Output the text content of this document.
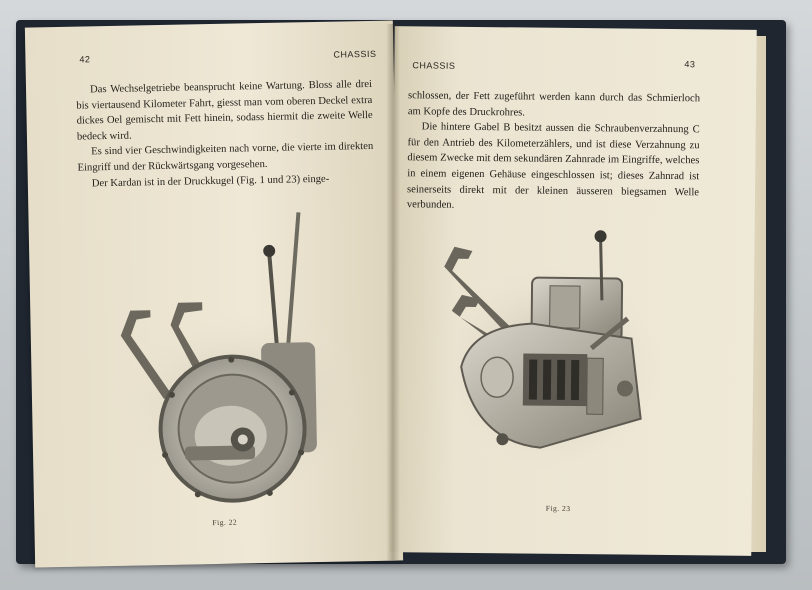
42	CHASSIS

Das Wechselgetriebe beansprucht keine Wartung. Bloss alle drei bis viertausend Kilometer Fahrt, giesst man vom oberen Deckel extra dickes Oel gemischt mit Fett hinein, sodass hiermit die zweite Welle bedeck wird.

Es sind vier Geschwindigkeiten nach vorne, die vierte im direkten Eingriff und der Rückwärtsgang vorgesehen.

Der Kardan ist in der Druckkugel (Fig. 1 und 23) einge-

Fig. 22
CHASSIS	43

schlossen, der Fett zugeführt werden kann durch das Schmierloch am Kopfe des Druckrohres.

Die hintere Gabel B besitzt aussen die Schraubenverzahnung C für den Antrieb des Kilometerzählers, und ist diese Verzahnung zu diesem Zwecke mit dem sekundären Zahnrade im Eingriffe, welches in einem eigenen Gehäuse eingeschlossen ist; dieses Zahnrad ist seinerseits direkt mit der kleinen äusseren biegsamen Welle verbunden.

Fig. 23
